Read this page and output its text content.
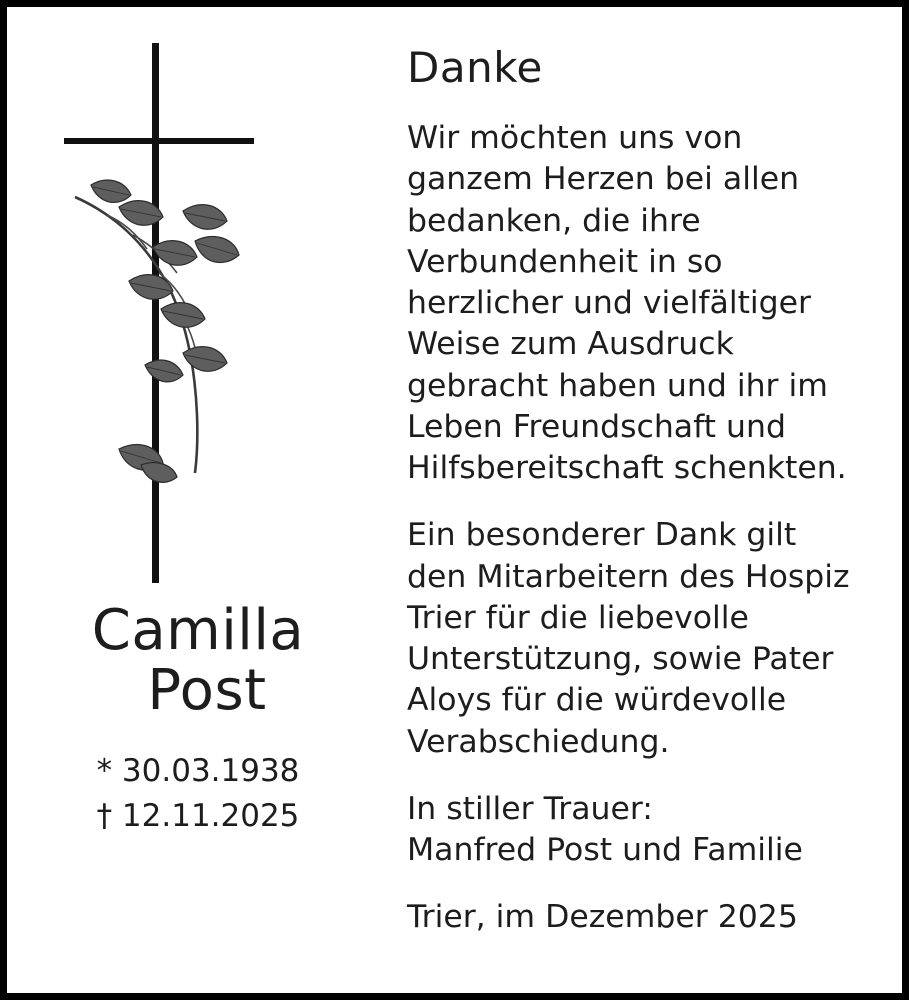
Camilla
Post
* 30.03.1938
† 12.11.2025
Danke

Wir möchten uns von
ganzem Herzen bei allen
bedanken, die ihre
Verbundenheit in so
herzlicher und vielfältiger
Weise zum Ausdruck
gebracht haben und ihr im
Leben Freundschaft und
Hilfsbereitschaft schenkten.

Ein besonderer Dank gilt
den Mitarbeitern des Hospiz
Trier für die liebevolle
Unterstützung, sowie Pater
Aloys für die würdevolle
Verabschiedung.

In stiller Trauer:
Manfred Post und Familie

Trier, im Dezember 2025
